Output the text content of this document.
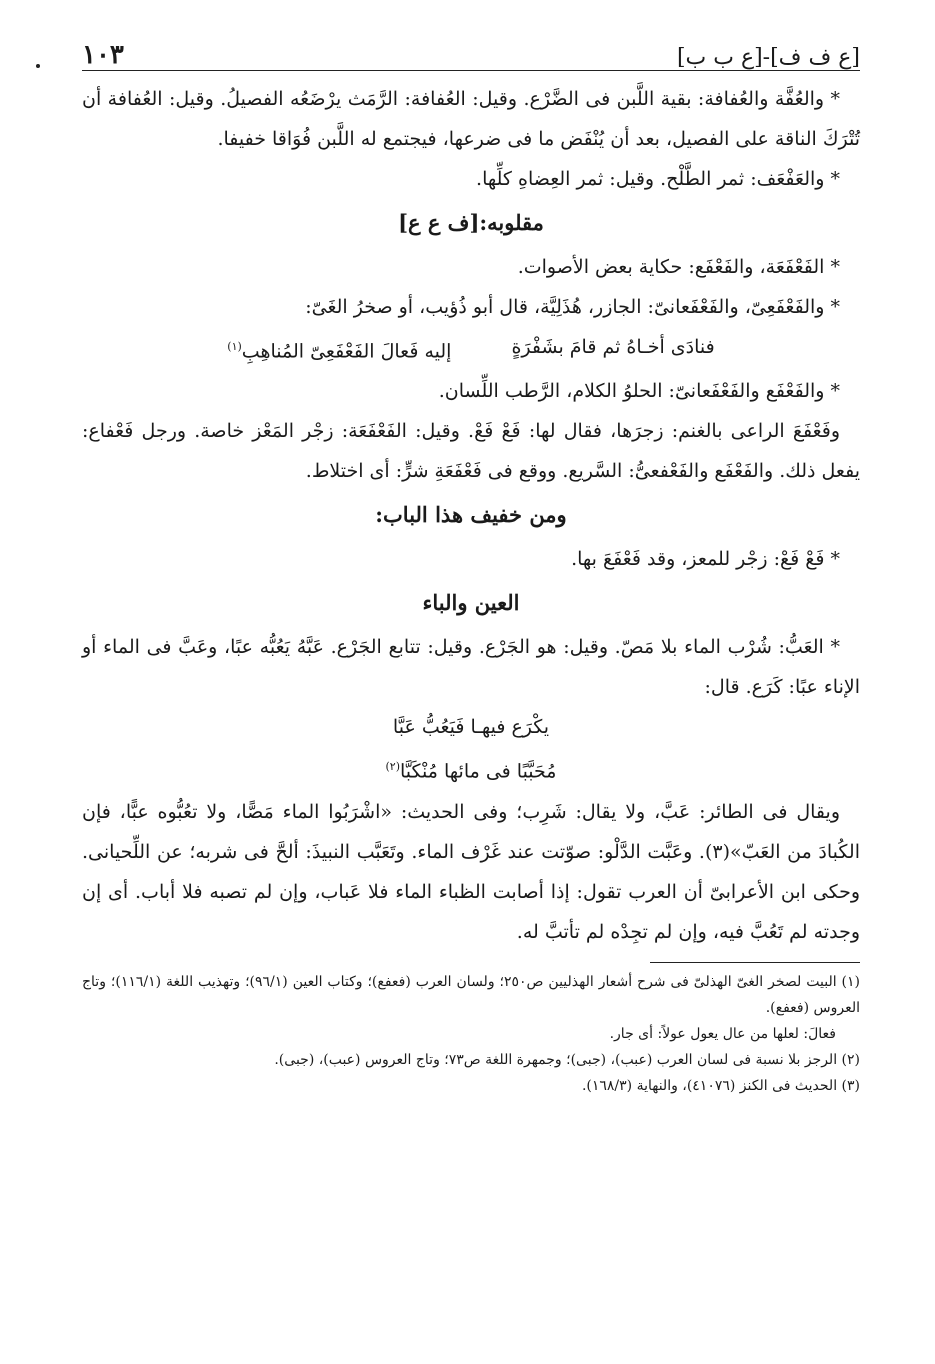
١٠٣	[ع ف ف]-[ع ب ب]

* والعُفَّة والعُفافة: بقية اللَّبن فى الضَّرْع. وقيل: العُفافة: الرَّمَث يرْضَعُه الفصيلُ. وقيل: العُفافة أن تُتْرَكَ الناقة على الفصيل، بعد أن يُنْفَض ما فى ضرعها، فيجتمع له اللَّبن فُوَاقا خفيفا.

* والعَفْعَف: ثمر الطَّلْح. وقيل: ثمر العِضاهِ كلِّها.

مقلوبه:[ف ع ع]

* الفَعْفَعَة، والفَعْفَع: حكاية بعض الأصوات.

* والفَعْفَعِىّ، والفَعْفَعانىّ: الجازر، هُذَلِيَّة، قال أبو ذُؤيب، أو صخرُ الغَىّ:

فنادَى أخـاهُ ثم قامَ بشَفْرَةٍ
إليه فَعالَ الفَعْفَعِىّ المُناهِبِ$^{(١)}$

* والفَعْفَع والفَعْفَعانىّ: الحلوُ الكلام، الرَّطب اللِّسان.

وفَعْفَعَ الراعى بالغنم: زجرَها، فقال لها: فَعْ فَعْ. وقيل: الفَعْفَعَة: زجْر المَعْز خاصة. ورجل فَعْفاع: يفعل ذلك. والفَعْفَع والفَعْفعىُّ: السَّريع. ووقع فى فَعْفَعَةِ شرٍّ: أى اختلاط.

ومن خفيف هذا الباب:

* فَعْ فَعْ: زجْر للمعز، وقد فَعْفَعَ بها.

العين والباء

* العَبُّ: شُرْب الماء بلا مَصّ. وقيل: هو الجَرْع. وقيل: تتابع الجَرْع. عَبَّهُ يَعُبُّه عبًا، وعَبَّ فى الماء أو الإناء عبًا: كَرَع. قال:

يكْرَع فيهـا فَيَعُبُّ عَبَّا
مُحَبَّبًا فى مائها مُنْكَبَّا$^{(٢)}$

ويقال فى الطائر: عَبَّ، ولا يقال: شَرِب؛ وفى الحديث: «اشْرَبُوا الماء مَصًّا، ولا تعُبُّوه عبًّا، فإن الكُبادَ من العَبّ»(٣). وعَبَّت الدَّلْو: صوّتت عند غَرْف الماء. وتَعَبَّب النبيذَ: ألحَّ فى شربه؛ عن اللِّحيانى. وحكى ابن الأعرابىّ أن العرب تقول: إذا أصابت الظباء الماء فلا عَباب، وإن لم تصبه فلا أباب. أى إن وجدته لم تَعُبَّ فيه، وإن لم تجِدْه لم تأتبَّ له.

(١) البيت لصخر الغىّ الهذلىّ فى شرح أشعار الهذليين ص٢٥٠؛ ولسان العرب (فعفع)؛ وكتاب العين (٩٦/١)؛ وتهذيب اللغة (١١٦/١)؛ وتاج العروس (فعفع).

فعالَ: لعلها من عال يعول عولاً: أى جار.

(٢) الرجز بلا نسبة فى لسان العرب (عبب)، (جبى)؛ وجمهرة اللغة ص٧٣؛ وتاج العروس (عبب)، (جبى).

(٣) الحديث فى الكنز (٤١٠٧٦)، والنهاية (١٦٨/٣).
